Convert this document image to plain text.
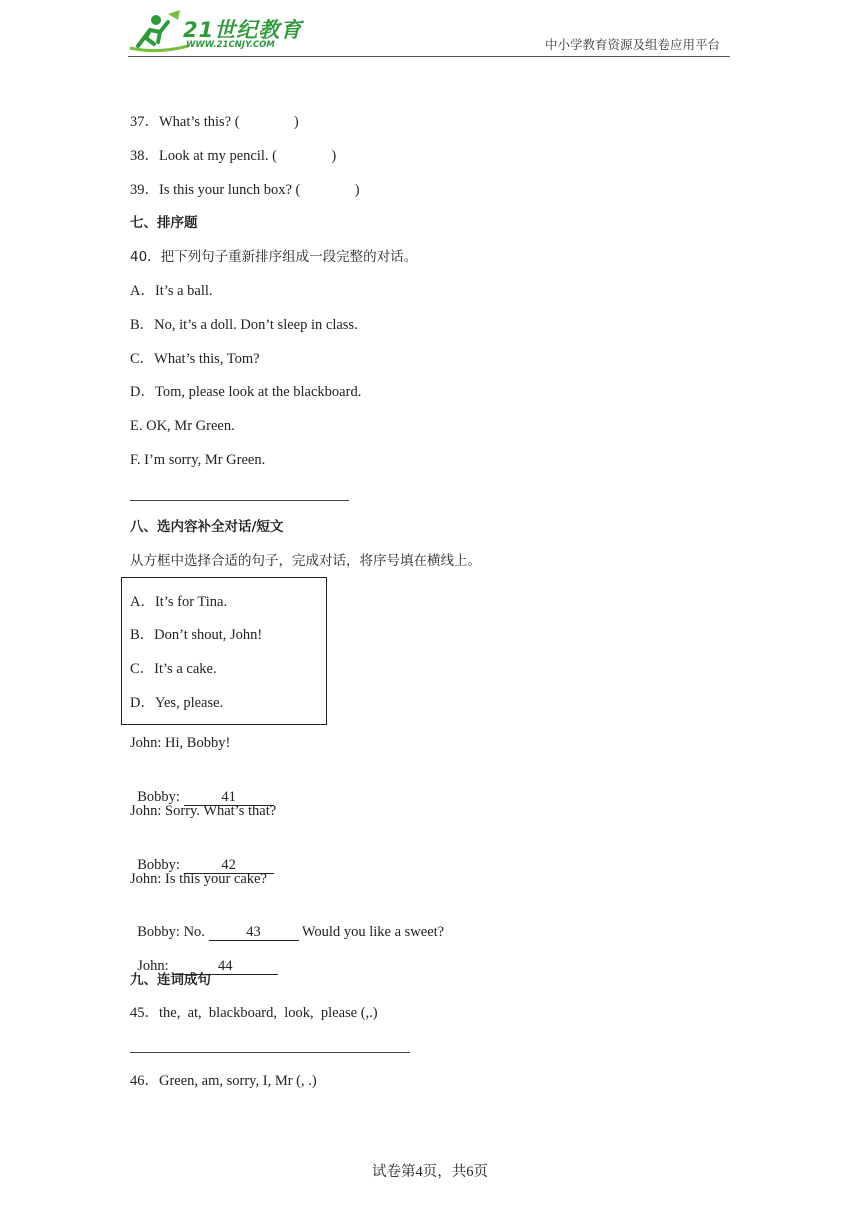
21世纪教育
WWW.21CNJY.COM	中小学教育资源及组卷应用平台
37．What’s this? (               )
38．Look at my pencil. (               )
39．Is this your lunch box? (               )
七、排序题
40．把下列句子重新排序组成一段完整的对话。
A．It’s a ball.
B．No, it’s a doll. Don’t sleep in class.
C．What’s this, Tom?
D．Tom, please look at the blackboard.
E. OK, Mr Green.
F. I’m sorry, Mr Green.
八、选内容补全对话/短文
从方框中选择合适的句子，完成对话，将序号填在横线上。
A．It’s for Tina.
B．Don’t shout, John!
C．It’s a cake.
D．Yes, please.
John: Hi, Bobby!

Bobby:	41

John: Sorry. What’s that?

Bobby:	42

John: Is this your cake?

Bobby: No.	43	Would you like a sweet?

John:	44

九、连词成句
45．the,  at,  blackboard,  look,  please (,.)
46．Green, am, sorry, I, Mr (, .)
试卷第4页，共6页
